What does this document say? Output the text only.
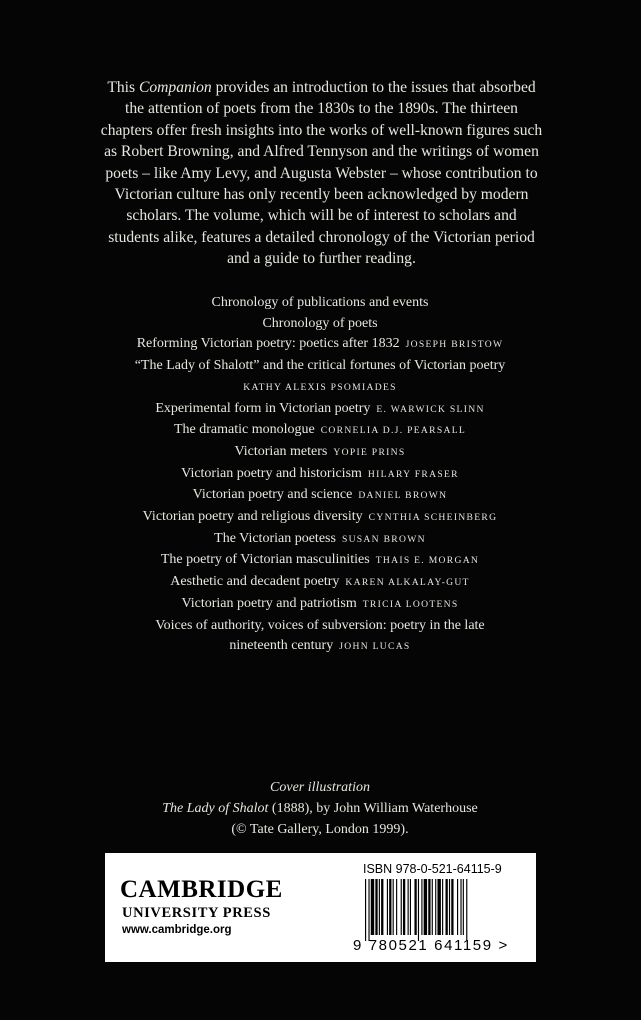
This Companion provides an introduction to the issues that absorbed the attention of poets from the 1830s to the 1890s. The thirteen chapters offer fresh insights into the works of well-known figures such as Robert Browning, and Alfred Tennyson and the writings of women poets – like Amy Levy, and Augusta Webster – whose contribution to Victorian culture has only recently been acknowledged by modern scholars. The volume, which will be of interest to scholars and students alike, features a detailed chronology of the Victorian period and a guide to further reading.
Chronology of publications and events
Chronology of poets
Reforming Victorian poetry: poetics after 1832 JOSEPH BRISTOW
“The Lady of Shalott” and the critical fortunes of Victorian poetry
KATHY ALEXIS PSOMIADES
Experimental form in Victorian poetry E. WARWICK SLINN
The dramatic monologue CORNELIA D.J. PEARSALL
Victorian meters YOPIE PRINS
Victorian poetry and historicism HILARY FRASER
Victorian poetry and science DANIEL BROWN
Victorian poetry and religious diversity CYNTHIA SCHEINBERG
The Victorian poetess SUSAN BROWN
The poetry of Victorian masculinities THAIS E. MORGAN
Aesthetic and decadent poetry KAREN ALKALAY-GUT
Victorian poetry and patriotism TRICIA LOOTENS
Voices of authority, voices of subversion: poetry in the late
nineteenth century JOHN LUCAS
Cover illustration
The Lady of Shalot (1888), by John William Waterhouse
(© Tate Gallery, London 1999).
CAMBRIDGE
UNIVERSITY PRESS
www.cambridge.org
ISBN 978-0-521-64115-9
9 780521 641159 >
